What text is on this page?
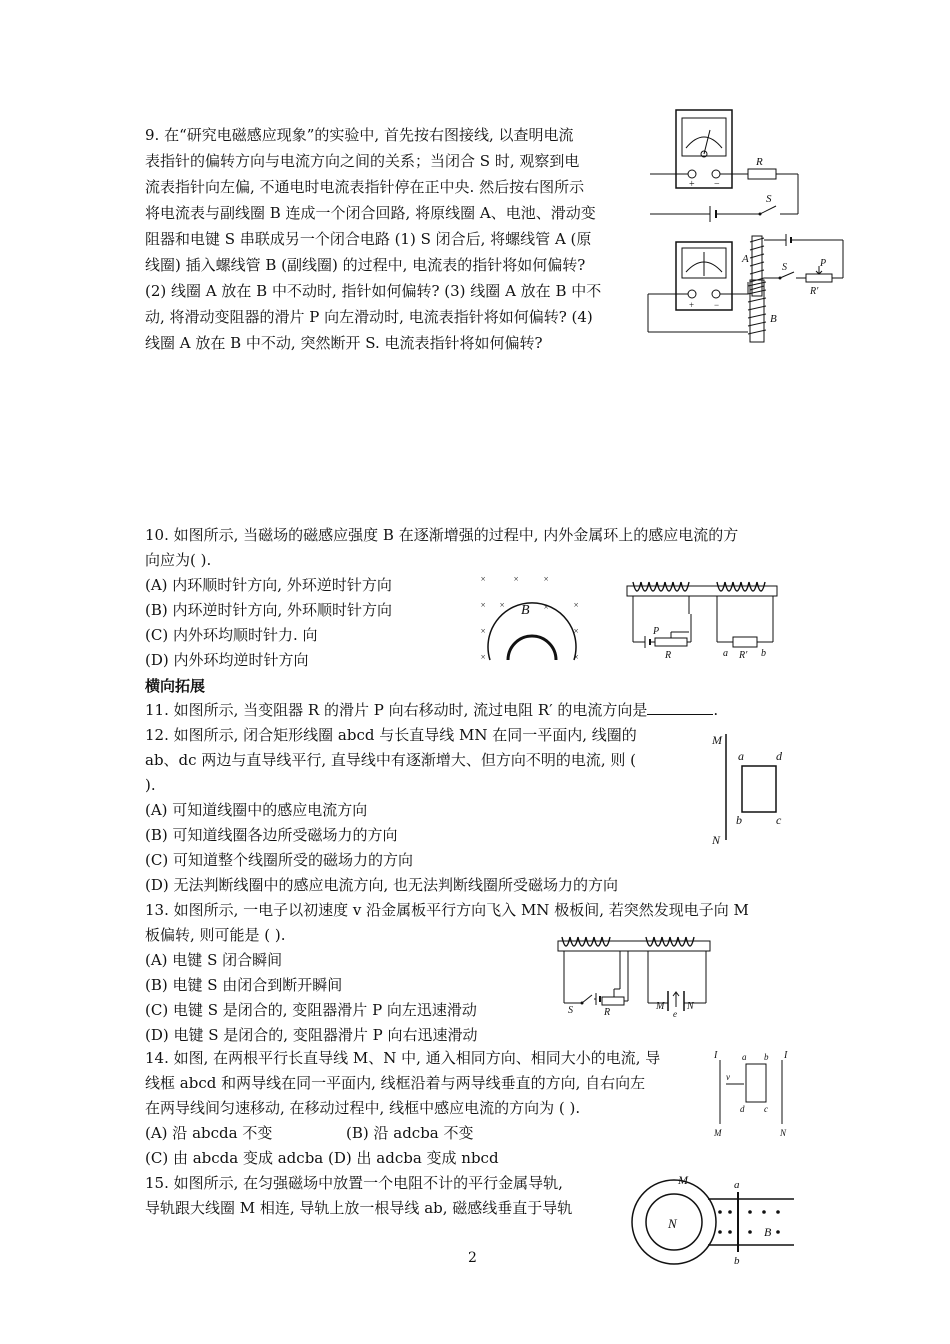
9. 在“研究电磁感应现象”的实验中, 首先按右图接线, 以查明电流
表指针的偏转方向与电流方向之间的关系；当闭合 S 时, 观察到电
流表指针向左偏, 不通电时电流表指针停在正中央. 然后按右图所示
将电流表与副线圈 B 连成一个闭合回路, 将原线圈 A、电池、滑动变
阻器和电键 S 串联成另一个闭合电路 (1) S 闭合后, 将螺线管 A (原
线圈) 插入螺线管 B (副线圈) 的过程中, 电流表的指针将如何偏转?
(2) 线圈 A 放在 B 中不动时, 指针如何偏转? (3) 线圈 A 放在 B 中不
动, 将滑动变阻器的滑片 P 向左滑动时, 电流表指针将如何偏转? (4)
线圈 A 放在 B 中不动, 突然断开 S. 电流表指针将如何偏转?
+ −
R
S
+ −
B
A
S	P
R′
10. 如图所示, 当磁场的磁感应强度 B 在逐渐增强的过程中, 内外金属环上的感应电流的方
向应为( ).
(A) 内环顺时针方向, 外环逆时针方向
(B) 内环逆时针方向, 外环顺时针方向
(C) 内外环均顺时针力. 向
(D) 内外环均逆时针方向
×	×	×
×
×
×
×
×
×
×
× B
P
R	a R′ b
横向拓展
11. 如图所示, 当变阻器 R 的滑片 P 向右移动时, 流过电阻 R′ 的电流方向是	.
12. 如图所示, 闭合矩形线圈 abcd 与长直导线 MN 在同一平面内, 线圈的
ab、dc 两边与直导线平行, 直导线中有逐渐增大、但方向不明的电流, 则 (
).
(A) 可知道线圈中的感应电流方向
(B) 可知道线圈各边所受磁场力的方向
(C) 可知道整个线圈所受的磁场力的方向
(D) 无法判断线圈中的感应电流方向, 也无法判断线圈所受磁场力的方向
M
N
a	d
b	c
13. 如图所示, 一电子以初速度 v 沿金属板平行方向飞入 MN 极板间, 若突然发现电子向 M
板偏转, 则可能是 ( ).
(A) 电键 S 闭合瞬间
(B) 电键 S 由闭合到断开瞬间
(C) 电键 S 是闭合的, 变阻器滑片 P 向左迅速滑动
(D) 电键 S 是闭合的, 变阻器滑片 P 向右迅速滑动
S	R
M N
e
14. 如图, 在两根平行长直导线 M、N 中, 通入相同方向、相同大小的电流, 导
线框 abcd 和两导线在同一平面内, 线框沿着与两导线垂直的方向, 自右向左
在两导线间匀速移动, 在移动过程中, 线框中感应电流的方向为 ( ).
(A) 沿 abcda 不变	(B) 沿 adcba 不变
(C) 由 abcda 变成 adcba (D) 出 adcba 变成 nbcd
I	I
a b
d c
v
M	N
15. 如图所示, 在匀强磁场中放置一个电阻不计的平行金属导轨,
导轨跟大线圈 M 相连, 导轨上放一根导线 ab, 磁感线垂直于导轨
N
M	a
b
B
2
